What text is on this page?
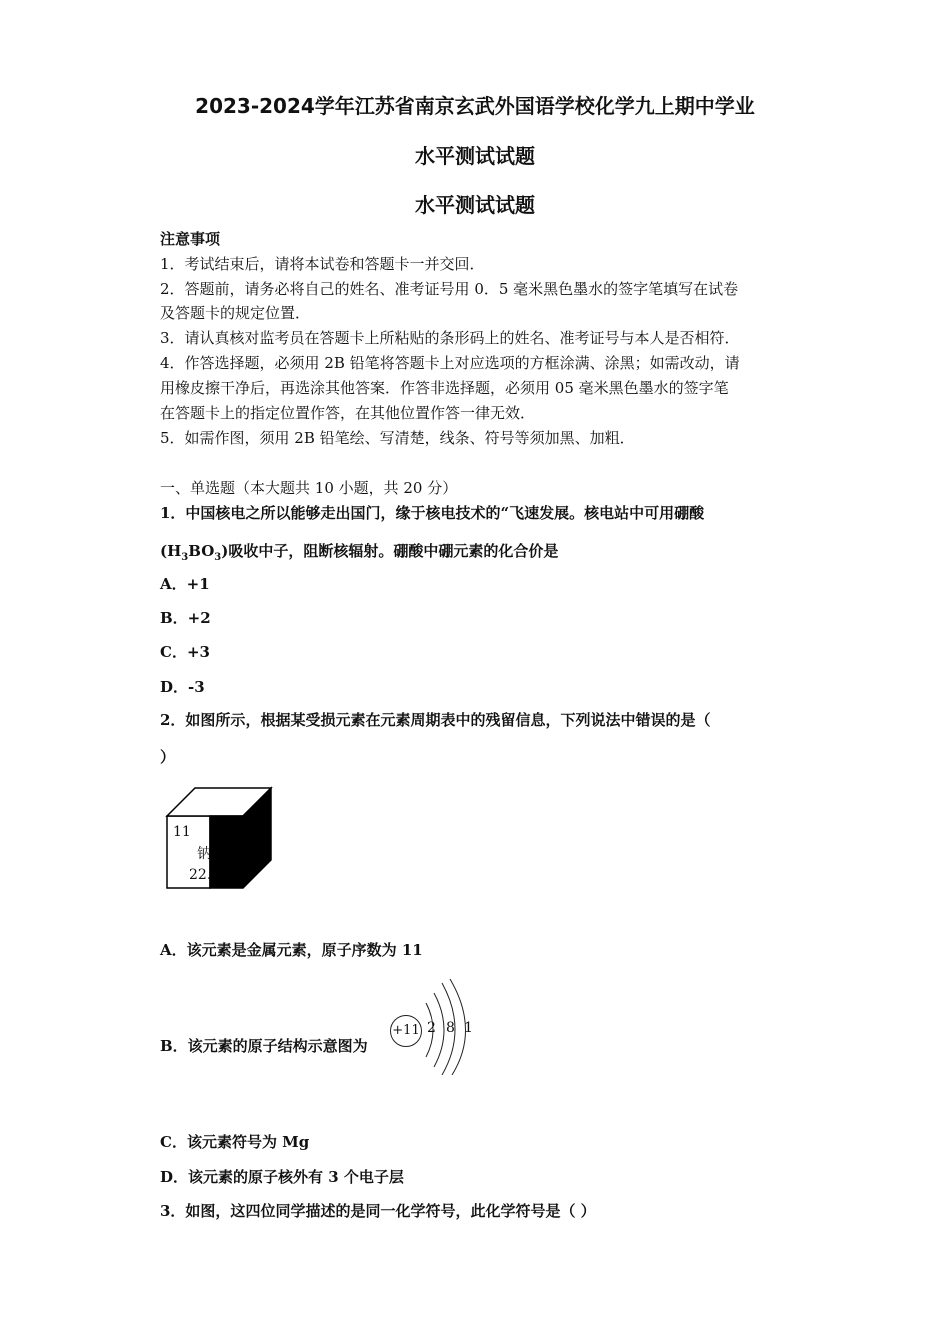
2023-2024学年江苏省南京玄武外国语学校化学九上期中学业
水平测试试题
水平测试试题
注意事项
1．考试结束后，请将本试卷和答题卡一并交回．
2．答题前，请务必将自己的姓名、准考证号用 0．5 毫米黑色墨水的签字笔填写在试卷
及答题卡的规定位置．
3．请认真核对监考员在答题卡上所粘贴的条形码上的姓名、准考证号与本人是否相符．
4．作答选择题，必须用 2B 铅笔将答题卡上对应选项的方框涂满、涂黑；如需改动，请
用橡皮擦干净后，再选涂其他答案．作答非选择题，必须用 05 毫米黑色墨水的签字笔
在答题卡上的指定位置作答，在其他位置作答一律无效．
5．如需作图，须用 2B 铅笔绘、写清楚，线条、符号等须加黑、加粗．
一、单选题（本大题共 10 小题，共 20 分）
1．中国核电之所以能够走出国门，缘于核电技术的“飞速发展。核电站中可用硼酸
$(H_3BO_3)$吸收中子，阻断核辐射。硼酸中硼元素的化合价是
A．+1
B．+2
C．+3
D．-3
2．如图所示，根据某受损元素在元素周期表中的残留信息，下列说法中错误的是（
）
11
钠
22.
A．该元素是金属元素，原子序数为 11
B．该元素的原子结构示意图为
+11 2 8 1
C．该元素符号为 Mg
D．该元素的原子核外有 3 个电子层
3．如图，这四位同学描述的是同一化学符号，此化学符号是（ ）
